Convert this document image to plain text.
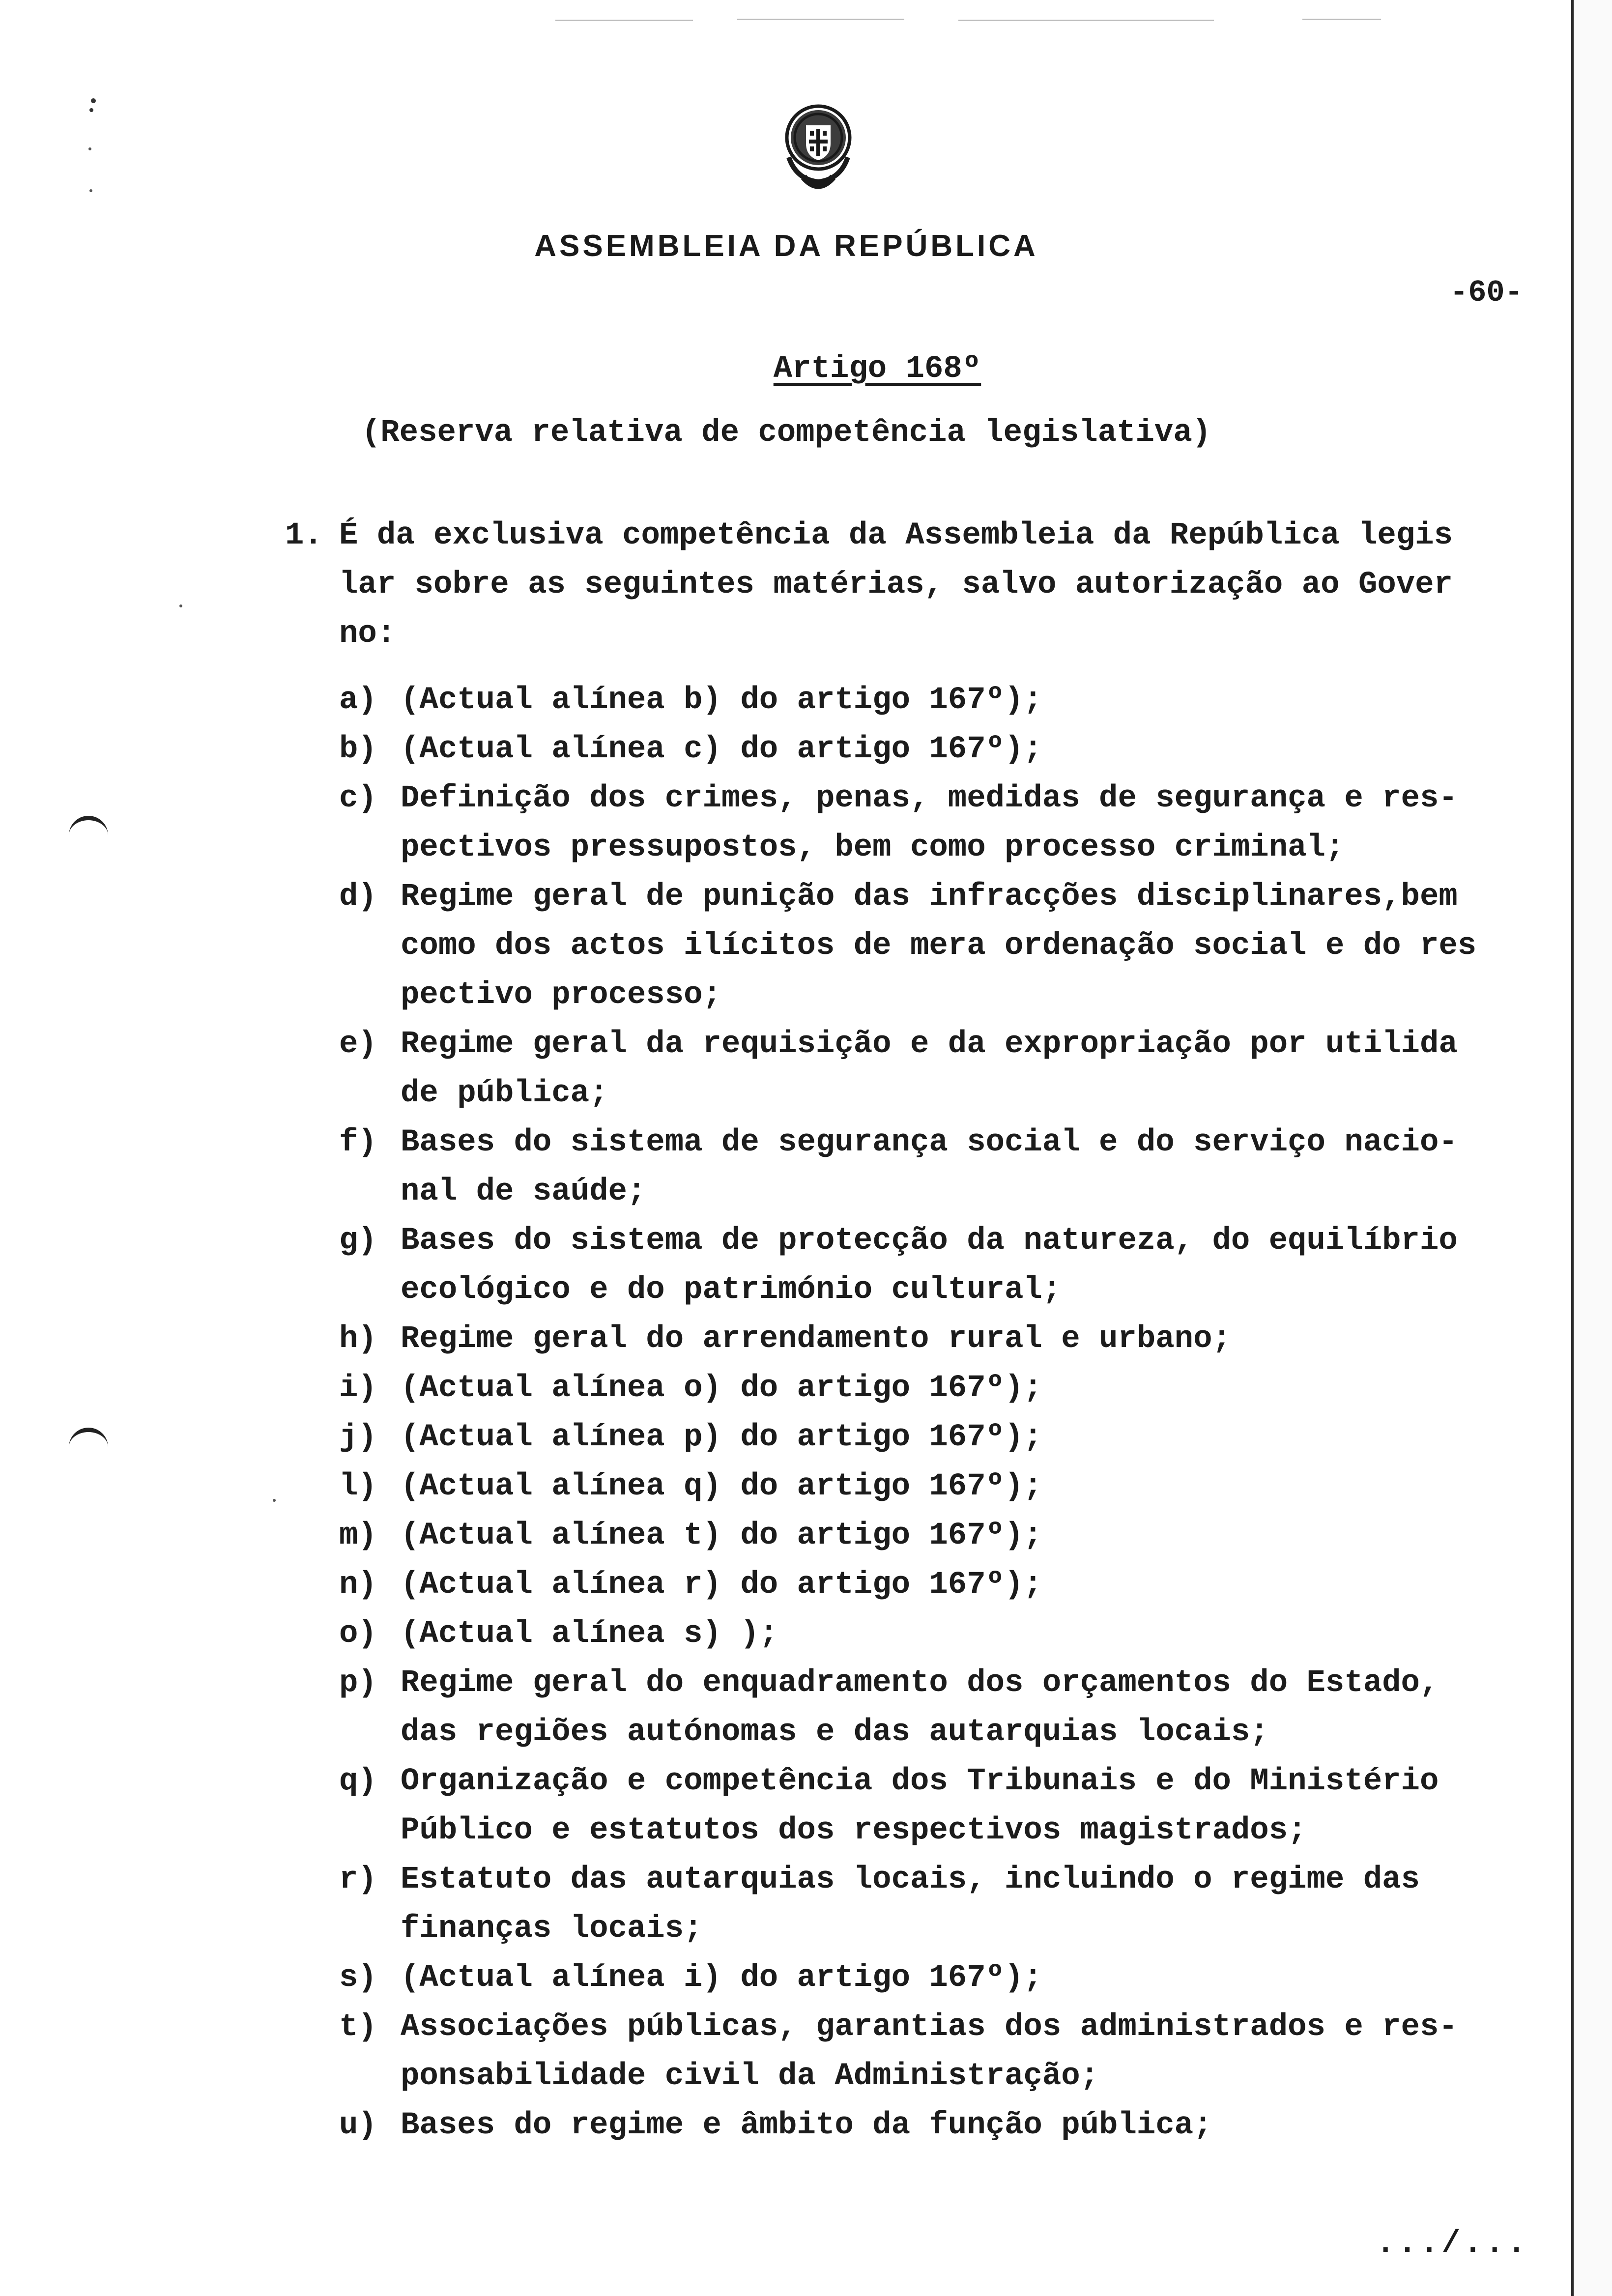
ASSEMBLEIA DA REPÚBLICA
-60-
Artigo 168º
(Reserva relativa de competência legislativa)
1. É da exclusiva competência da Assembleia da República legis
lar sobre as seguintes matérias, salvo autorização ao Gover
no:
a) (Actual alínea b) do artigo 167º);
b) (Actual alínea c) do artigo 167º);
c) Definição dos crimes, penas, medidas de segurança e res-
pectivos pressupostos, bem como processo criminal;
d) Regime geral de punição das infracções disciplinares,bem
como dos actos ilícitos de mera ordenação social e do res
pectivo processo;
e) Regime geral da requisição e da expropriação por utilida
de pública;
f) Bases do sistema de segurança social e do serviço nacio-
nal de saúde;
g) Bases do sistema de protecção da natureza, do equilíbrio
ecológico e do património cultural;
h) Regime geral do arrendamento rural e urbano;
i) (Actual alínea o) do artigo 167º);
j) (Actual alínea p) do artigo 167º);
l) (Actual alínea q) do artigo 167º);
m) (Actual alínea t) do artigo 167º);
n) (Actual alínea r) do artigo 167º);
o) (Actual alínea s) );
p) Regime geral do enquadramento dos orçamentos do Estado,
das regiões autónomas e das autarquias locais;
q) Organização e competência dos Tribunais e do Ministério
Público e estatutos dos respectivos magistrados;
r) Estatuto das autarquias locais, incluindo o regime das
finanças locais;
s) (Actual alínea i) do artigo 167º);
t) Associações públicas, garantias dos administrados e res-
ponsabilidade civil da Administração;
u) Bases do regime e âmbito da função pública;
.../...
